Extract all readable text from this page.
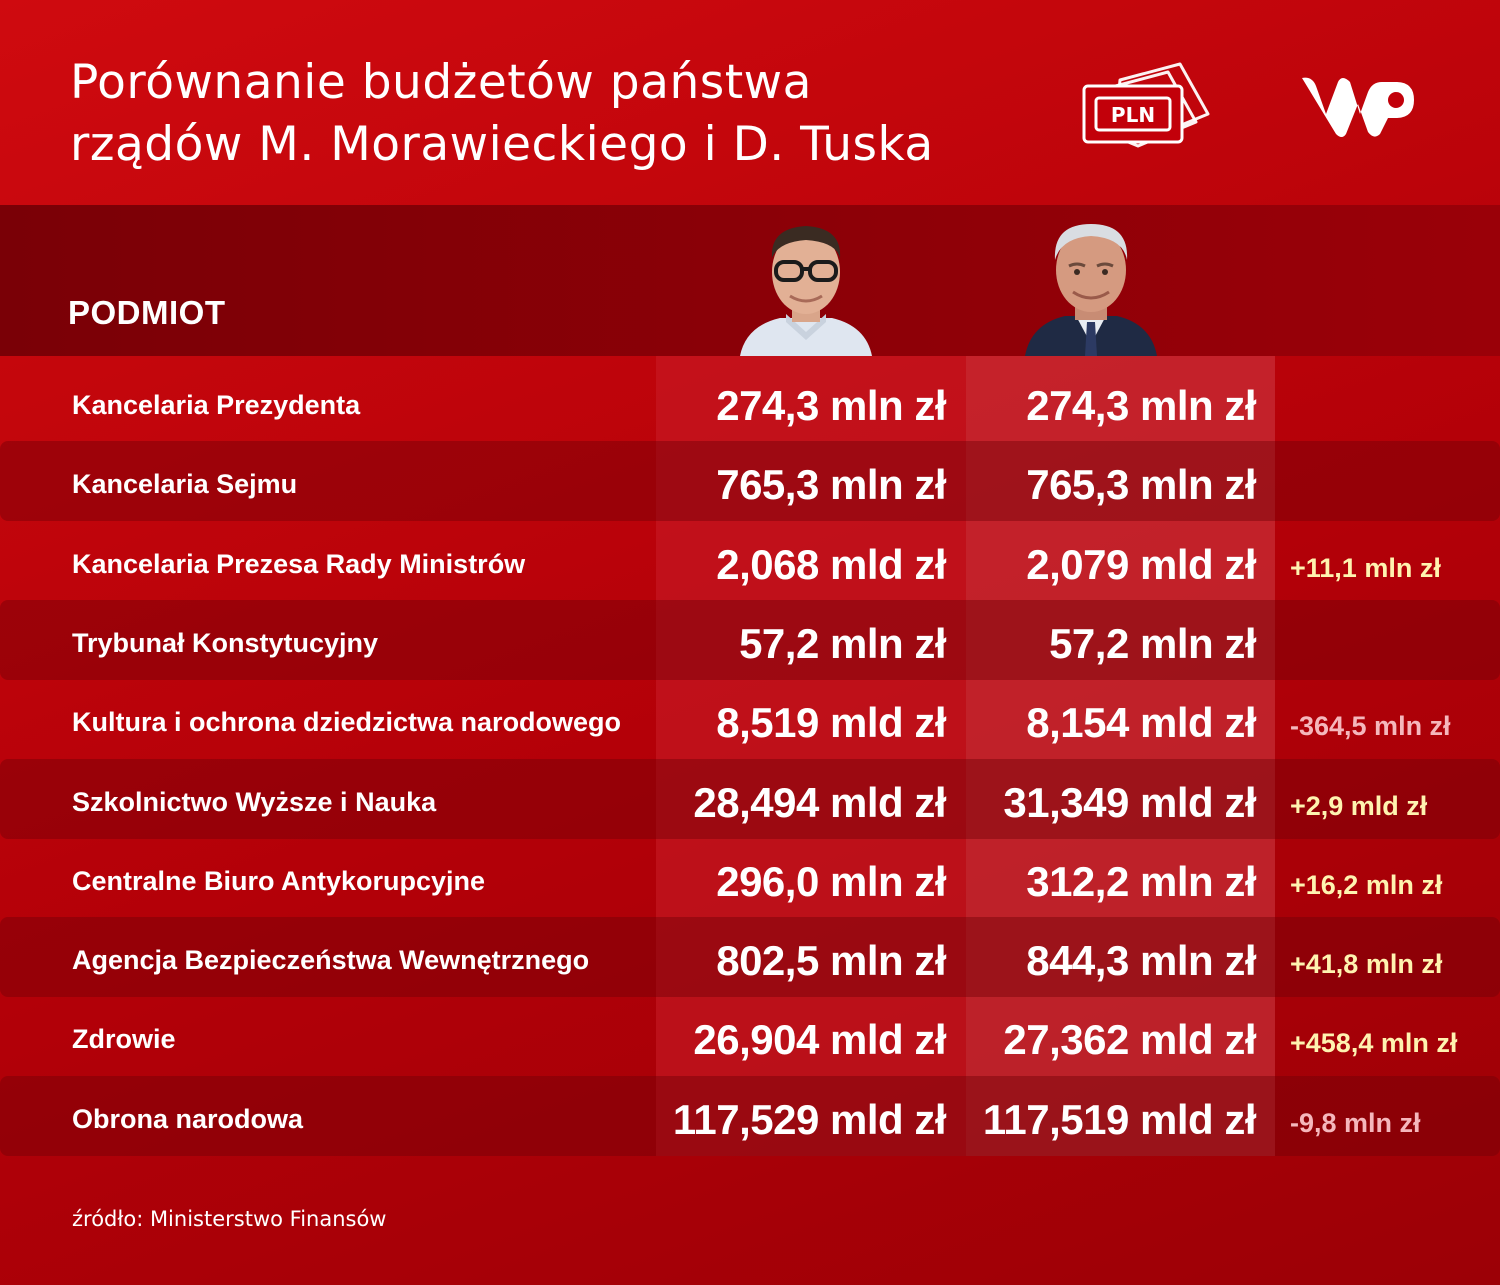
Porównanie budżetów państwa
rządów M. Morawieckiego i D. Tuska
PLN
PODMIOT
Kancelaria Prezydenta	274,3 mln zł	274,3 mln zł
Kancelaria Sejmu	765,3 mln zł	765,3 mln zł
Kancelaria Prezesa Rady Ministrów	2,068 mld zł	2,079 mld zł +11,1 mln zł
Trybunał Konstytucyjny	57,2 mln zł	57,2 mln zł
Kultura i ochrona dziedzictwa narodowego	8,519 mld zł	8,154 mld zł -364,5 mln zł
Szkolnictwo Wyższe i Nauka	28,494 mld zł	31,349 mld zł +2,9 mld zł
Centralne Biuro Antykorupcyjne	296,0 mln zł	312,2 mln zł +16,2 mln zł
Agencja Bezpieczeństwa Wewnętrznego	802,5 mln zł	844,3 mln zł +41,8 mln zł
Zdrowie	26,904 mld zł	27,362 mld zł +458,4 mln zł
Obrona narodowa	117,529 mld zł 117,519 mld zł -9,8 mln zł
źródło: Ministerstwo Finansów
